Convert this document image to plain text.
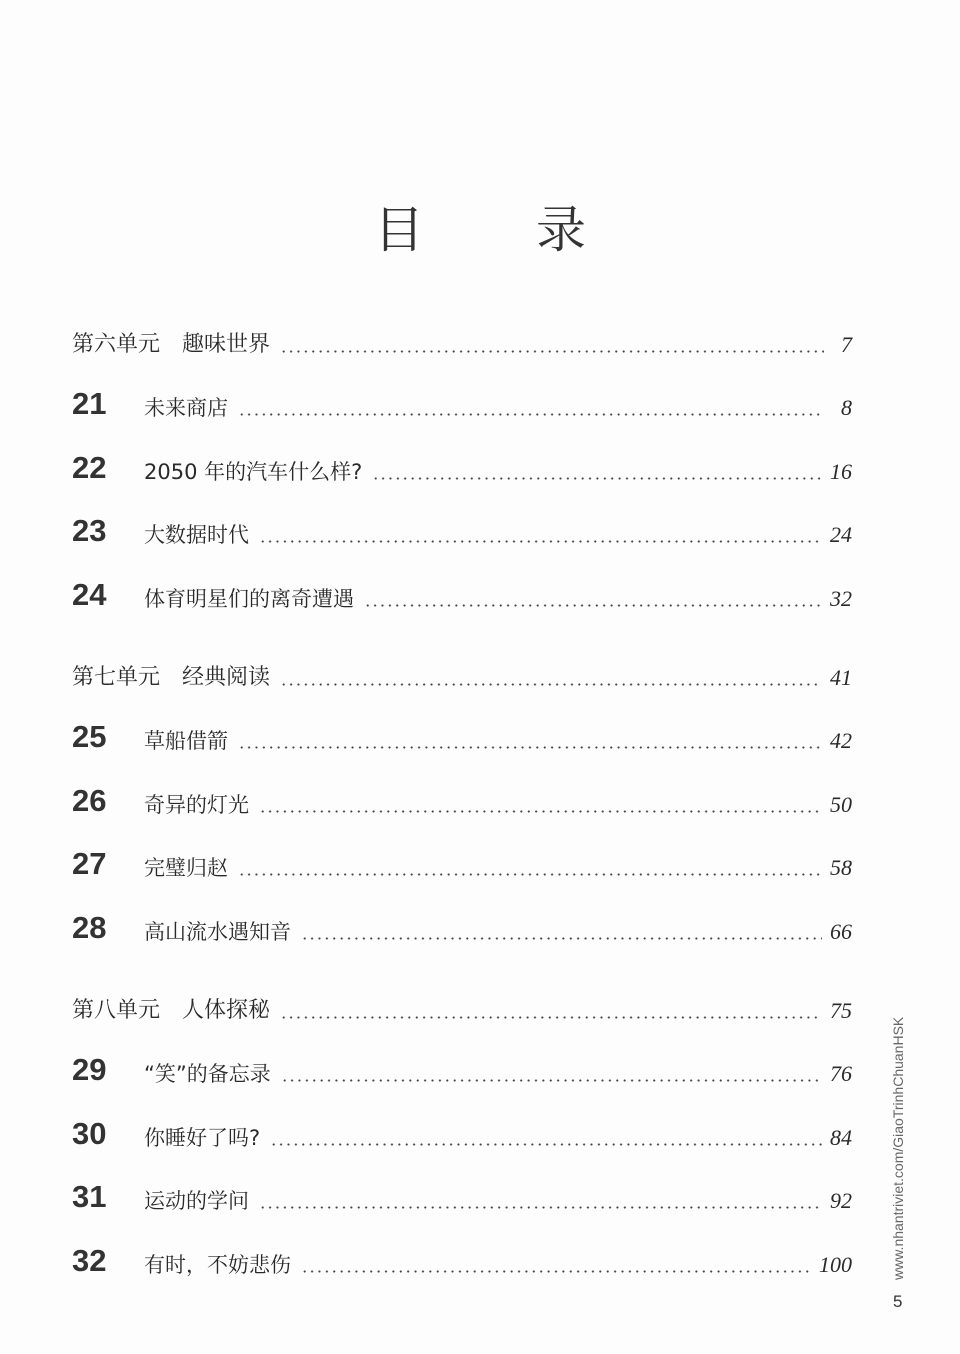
目 录
第六单元　趣味世界	7
21	未来商店	8
22	2050 年的汽车什么样?	16
23	大数据时代	24
24	体育明星们的离奇遭遇	32
第七单元　经典阅读	41
25	草船借箭	42
26	奇异的灯光	50
27	完璧归赵	58
28	高山流水遇知音	66
第八单元　人体探秘	75
29	“笑”的备忘录	76
30	你睡好了吗?	84
31	运动的学问	92
32	有时，不妨悲伤	100	www.nhantriviet.com/GiaoTrinhChuanHSK
5
